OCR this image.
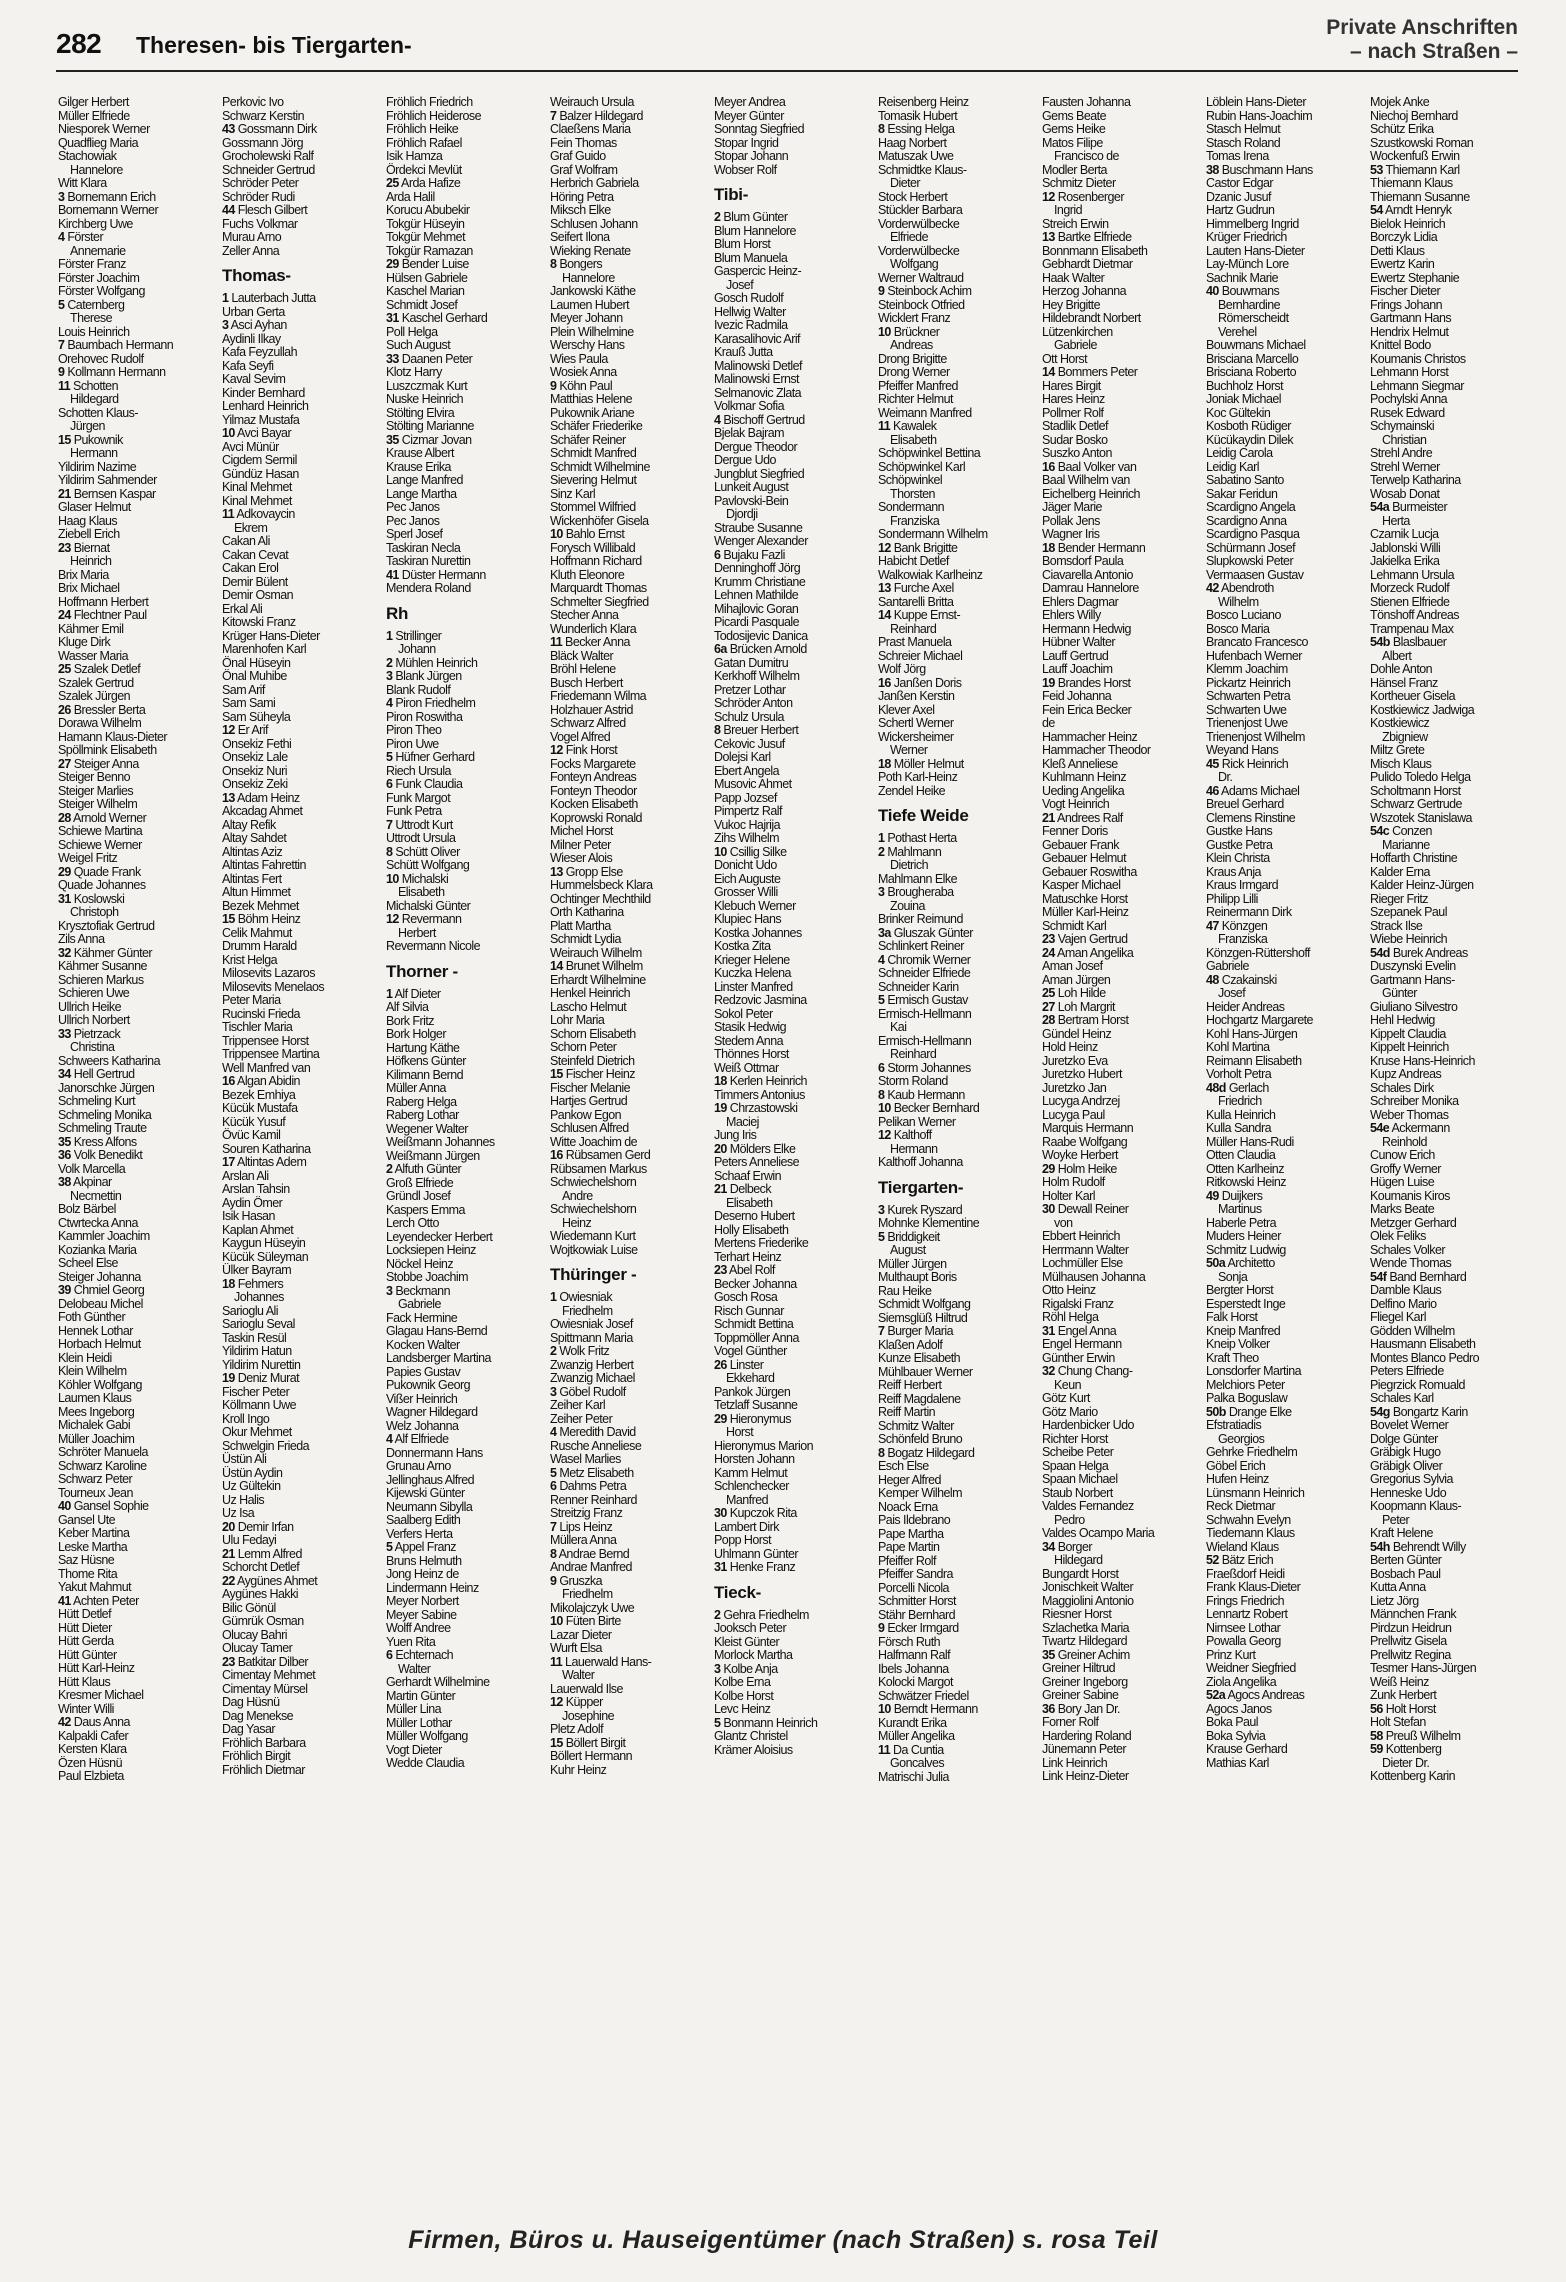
282 Theresen- bis Tiergarten-
Private Anschriften
– nach Straßen –
Gilger Herbert
Müller Elfriede
Niesporek Werner
Quadflieg Maria
Stachowiak
Hannelore
Witt Klara
3 Bornemann Erich
Bornemann Werner
Kirchberg Uwe
4 Förster
Annemarie
Förster Franz
Förster Joachim
Förster Wolfgang
5 Caternberg
Therese
Louis Heinrich
7 Baumbach Hermann
Orehovec Rudolf
9 Kollmann Hermann
11 Schotten
Hildegard
Schotten Klaus-
Jürgen
15 Pukownik
Hermann
Yildirim Nazime
Yildirim Sahmender
21 Bernsen Kaspar
Glaser Helmut
Haag Klaus
Ziebell Erich
23 Biernat
Heinrich
Brix Maria
Brix Michael
Hoffmann Herbert
24 Flechtner Paul
Kähmer Emil
Kluge Dirk
Wasser Maria
25 Szalek Detlef
Szalek Gertrud
Szalek Jürgen
26 Bressler Berta
Dorawa Wilhelm
Hamann Klaus-Dieter
Spöllmink Elisabeth
27 Steiger Anna
Steiger Benno
Steiger Marlies
Steiger Wilhelm
28 Arnold Werner
Schiewe Martina
Schiewe Werner
Weigel Fritz
29 Quade Frank
Quade Johannes
31 Koslowski
Christoph
Krysztofiak Gertrud
Zils Anna
32 Kähmer Günter
Kähmer Susanne
Schieren Markus
Schieren Uwe
Ullrich Heike
Ullrich Norbert
33 Pietrzack
Christina
Schweers Katharina
34 Hell Gertrud
Janorschke Jürgen
Schmeling Kurt
Schmeling Monika
Schmeling Traute
35 Kress Alfons
36 Volk Benedikt
Volk Marcella
38 Akpinar
Necmettin
Bolz Bärbel
Ctwrtecka Anna
Kammler Joachim
Kozianka Maria
Scheel Else
Steiger Johanna
39 Chmiel Georg
Delobeau Michel
Foth Günther
Hennek Lothar
Horbach Helmut
Klein Heidi
Klein Wilhelm
Köhler Wolfgang
Laumen Klaus
Mees Ingeborg
Michalek Gabi
Müller Joachim
Schröter Manuela
Schwarz Karoline
Schwarz Peter
Tourneux Jean
40 Gansel Sophie
Gansel Ute
Keber Martina
Leske Martha
Saz Hüsne
Thome Rita
Yakut Mahmut
41 Achten Peter
Hütt Detlef
Hütt Dieter
Hütt Gerda
Hütt Günter
Hütt Karl-Heinz
Hütt Klaus
Kresmer Michael
Winter Willi
42 Daus Anna
Kalpakli Cafer
Kersten Klara
Özen Hüsnü
Paul Elzbieta
Perkovic Ivo
Schwarz Kerstin
43 Gossmann Dirk
Gossmann Jörg
Grocholewski Ralf
Schneider Gertrud
Schröder Peter
Schröder Rudi
44 Flesch Gilbert
Fuchs Volkmar
Murau Arno
Zeller Anna
Thomas-
1 Lauterbach Jutta
Urban Gerta
3 Asci Ayhan
Aydinli Ilkay
Kafa Feyzullah
Kafa Seyfi
Kaval Sevim
Kinder Bernhard
Lenhard Heinrich
Yilmaz Mustafa
10 Avci Bayar
Avci Münür
Cigdem Sermil
Gündüz Hasan
Kinal Mehmet
Kinal Mehmet
11 Adkovaycin
Ekrem
Cakan Ali
Cakan Cevat
Cakan Erol
Demir Bülent
Demir Osman
Erkal Ali
Kitowski Franz
Krüger Hans-Dieter
Marenhofen Karl
Önal Hüseyin
Önal Muhibe
Sam Arif
Sam Sami
Sam Süheyla
12 Er Arif
Onsekiz Fethi
Onsekiz Lale
Onsekiz Nuri
Onsekiz Zeki
13 Adam Heinz
Akcadag Ahmet
Altay Refik
Altay Sahdet
Altintas Aziz
Altintas Fahrettin
Altintas Fert
Altun Himmet
Bezek Mehmet
15 Böhm Heinz
Celik Mahmut
Drumm Harald
Krist Helga
Milosevits Lazaros
Milosevits Menelaos
Peter Maria
Rucinski Frieda
Tischler Maria
Trippensee Horst
Trippensee Martina
Well Manfred van
16 Algan Abidin
Bezek Emhiya
Kücük Mustafa
Kücük Yusuf
Övüc Kamil
Souren Katharina
17 Altintas Adem
Arslan Ali
Arslan Tahsin
Aydin Ömer
Isik Hasan
Kaplan Ahmet
Kaygun Hüseyin
Kücük Süleyman
Ülker Bayram
18 Fehmers
Johannes
Sarioglu Ali
Sarioglu Seval
Taskin Resül
Yildirim Hatun
Yildirim Nurettin
19 Deniz Murat
Fischer Peter
Köllmann Uwe
Kroll Ingo
Okur Mehmet
Schwelgin Frieda
Üstün Ali
Üstün Aydin
Uz Gültekin
Uz Halis
Uz Isa
20 Demir Irfan
Ulu Fedayi
21 Lemm Alfred
Schorcht Detlef
22 Aygünes Ahmet
Aygünes Hakki
Bilic Gönül
Gümrük Osman
Olucay Bahri
Olucay Tamer
23 Batkitar Dilber
Cimentay Mehmet
Cimentay Mürsel
Dag Hüsnü
Dag Menekse
Dag Yasar
Fröhlich Barbara
Fröhlich Birgit
Fröhlich Dietmar
Fröhlich Friedrich
Fröhlich Heiderose
Fröhlich Heike
Fröhlich Rafael
Isik Hamza
Ördekci Mevlüt
25 Arda Hafize
Arda Halil
Korucu Abubekir
Tokgür Hüseyin
Tokgür Mehmet
Tokgür Ramazan
29 Bender Luise
Hülsen Gabriele
Kaschel Marian
Schmidt Josef
31 Kaschel Gerhard
Poll Helga
Such August
33 Daanen Peter
Klotz Harry
Luszczmak Kurt
Nuske Heinrich
Stölting Elvira
Stölting Marianne
35 Cizmar Jovan
Krause Albert
Krause Erika
Lange Manfred
Lange Martha
Pec Janos
Pec Janos
Sperl Josef
Taskiran Necla
Taskiran Nurettin
41 Düster Hermann
Mendera Roland
Rh
1 Strillinger
Johann
2 Mühlen Heinrich
3 Blank Jürgen
Blank Rudolf
4 Piron Friedhelm
Piron Roswitha
Piron Theo
Piron Uwe
5 Hüfner Gerhard
Riech Ursula
6 Funk Claudia
Funk Margot
Funk Petra
7 Uttrodt Kurt
Uttrodt Ursula
8 Schütt Oliver
Schütt Wolfgang
10 Michalski
Elisabeth
Michalski Günter
12 Revermann
Herbert
Revermann Nicole
Thorner -
1 Alf Dieter
Alf Silvia
Bork Fritz
Bork Holger
Hartung Käthe
Höfkens Günter
Kilimann Bernd
Müller Anna
Raberg Helga
Raberg Lothar
Wegener Walter
Weißmann Johannes
Weißmann Jürgen
2 Alfuth Günter
Groß Elfriede
Gründl Josef
Kaspers Emma
Lerch Otto
Leyendecker Herbert
Locksiepen Heinz
Nöckel Heinz
Stobbe Joachim
3 Beckmann
Gabriele
Fack Hermine
Glagau Hans-Bernd
Kocken Walter
Landsberger Martina
Papies Gustav
Pukownik Georg
Vißer Heinrich
Wagner Hildegard
Welz Johanna
4 Alf Elfriede
Donnermann Hans
Grunau Arno
Jellinghaus Alfred
Kijewski Günter
Neumann Sibylla
Saalberg Edith
Verfers Herta
5 Appel Franz
Bruns Helmuth
Jong Heinz de
Lindermann Heinz
Meyer Norbert
Meyer Sabine
Wolff Andree
Yuen Rita
6 Echternach
Walter
Gerhardt Wilhelmine
Martin Günter
Müller Lina
Müller Lothar
Müller Wolfgang
Vogt Dieter
Wedde Claudia
Weirauch Ursula
7 Balzer Hildegard
Claeßens Maria
Fein Thomas
Graf Guido
Graf Wolfram
Herbrich Gabriela
Höring Petra
Miksch Elke
Schlusen Johann
Seifert Ilona
Wieking Renate
8 Bongers
Hannelore
Jankowski Käthe
Laumen Hubert
Meyer Johann
Plein Wilhelmine
Werschy Hans
Wies Paula
Wosiek Anna
9 Köhn Paul
Matthias Helene
Pukownik Ariane
Schäfer Friederike
Schäfer Reiner
Schmidt Manfred
Schmidt Wilhelmine
Sievering Helmut
Sinz Karl
Stommel Wilfried
Wickenhöfer Gisela
10 Bahlo Ernst
Forysch Willibald
Hoffmann Richard
Kluth Eleonore
Marquardt Thomas
Schmelter Siegfried
Stecher Anna
Wunderlich Klara
11 Becker Anna
Bläck Walter
Bröhl Helene
Busch Herbert
Friedemann Wilma
Holzhauer Astrid
Schwarz Alfred
Vogel Alfred
12 Fink Horst
Focks Margarete
Fonteyn Andreas
Fonteyn Theodor
Kocken Elisabeth
Koprowski Ronald
Michel Horst
Milner Peter
Wieser Alois
13 Gropp Else
Hummelsbeck Klara
Ochtinger Mechthild
Orth Katharina
Platt Martha
Schmidt Lydia
Weirauch Wilhelm
14 Brunet Wilhelm
Erhardt Wilhelmine
Henkel Heinrich
Lascho Helmut
Lohr Maria
Schorn Elisabeth
Schorn Peter
Steinfeld Dietrich
15 Fischer Heinz
Fischer Melanie
Hartjes Gertrud
Pankow Egon
Schlusen Alfred
Witte Joachim de
16 Rübsamen Gerd
Rübsamen Markus
Schwiechelshorn
Andre
Schwiechelshorn
Heinz
Wiedemann Kurt
Wojtkowiak Luise
Thüringer -
1 Owiesniak
Friedhelm
Owiesniak Josef
Spittmann Maria
2 Wolk Fritz
Zwanzig Herbert
Zwanzig Michael
3 Göbel Rudolf
Zeiher Karl
Zeiher Peter
4 Meredith David
Rusche Anneliese
Wasel Marlies
5 Metz Elisabeth
6 Dahms Petra
Renner Reinhard
Streitzig Franz
7 Lips Heinz
Müllera Anna
8 Andrae Bernd
Andrae Manfred
9 Gruszka
Friedhelm
Mikolajczyk Uwe
10 Füten Birte
Lazar Dieter
Wurft Elsa
11 Lauerwald Hans-
Walter
Lauerwald Ilse
12 Küpper
Josephine
Pletz Adolf
15 Böllert Birgit
Böllert Hermann
Kuhr Heinz
Meyer Andrea
Meyer Günter
Sonntag Siegfried
Stopar Ingrid
Stopar Johann
Wobser Rolf
Tibi-
2 Blum Günter
Blum Hannelore
Blum Horst
Blum Manuela
Gaspercic Heinz-
Josef
Gosch Rudolf
Hellwig Walter
Ivezic Radmila
Karasalihovic Arif
Krauß Jutta
Malinowski Detlef
Malinowski Ernst
Selmanovic Zlata
Volkmar Sofia
4 Bischoff Gertrud
Bjelak Bajram
Dergue Theodor
Dergue Udo
Jungblut Siegfried
Lunkeit August
Pavlovski-Bein
Djordji
Straube Susanne
Wenger Alexander
6 Bujaku Fazli
Denninghoff Jörg
Krumm Christiane
Lehnen Mathilde
Mihajlovic Goran
Picardi Pasquale
Todosijevic Danica
6a Brücken Arnold
Gatan Dumitru
Kerkhoff Wilhelm
Pretzer Lothar
Schröder Anton
Schulz Ursula
8 Breuer Herbert
Cekovic Jusuf
Dolejsi Karl
Ebert Angela
Musovic Ahmet
Papp Jozsef
Pimpertz Ralf
Vukoc Hajrija
Zihs Wilhelm
10 Csillig Silke
Donicht Udo
Eich Auguste
Grosser Willi
Klebuch Werner
Klupiec Hans
Kostka Johannes
Kostka Zita
Krieger Helene
Kuczka Helena
Linster Manfred
Redzovic Jasmina
Sokol Peter
Stasik Hedwig
Stedem Anna
Thönnes Horst
Weiß Ottmar
18 Kerlen Heinrich
Timmers Antonius
19 Chrzastowski
Maciej
Jung Iris
20 Mölders Elke
Peters Anneliese
Schaaf Erwin
21 Delbeck
Elisabeth
Deserno Hubert
Holly Elisabeth
Mertens Friederike
Terhart Heinz
23 Abel Rolf
Becker Johanna
Gosch Rosa
Risch Gunnar
Schmidt Bettina
Toppmöller Anna
Vogel Günther
26 Linster
Ekkehard
Pankok Jürgen
Tetzlaff Susanne
29 Hieronymus
Horst
Hieronymus Marion
Horsten Johann
Kamm Helmut
Schlenchecker
Manfred
30 Kupczok Rita
Lambert Dirk
Popp Horst
Uhlmann Günter
31 Henke Franz
Tieck-
2 Gehra Friedhelm
Jooksch Peter
Kleist Günter
Morlock Martha
3 Kolbe Anja
Kolbe Erna
Kolbe Horst
Levc Heinz
5 Bonmann Heinrich
Glantz Christel
Krämer Aloisius
Reisenberg Heinz
Tomasik Hubert
8 Essing Helga
Haag Norbert
Matuszak Uwe
Schmidtke Klaus-
Dieter
Stock Herbert
Stückler Barbara
Vorderwülbecke
Elfriede
Vorderwülbecke
Wolfgang
Werner Waltraud
9 Steinbock Achim
Steinbock Otfried
Wicklert Franz
10 Brückner
Andreas
Drong Brigitte
Drong Werner
Pfeiffer Manfred
Richter Helmut
Weimann Manfred
11 Kawalek
Elisabeth
Schöpwinkel Bettina
Schöpwinkel Karl
Schöpwinkel
Thorsten
Sondermann
Franziska
Sondermann Wilhelm
12 Bank Brigitte
Habicht Detlef
Walkowiak Karlheinz
13 Furche Axel
Santarelli Britta
14 Kuppe Ernst-
Reinhard
Prast Manuela
Schreier Michael
Wolf Jörg
16 Janßen Doris
Janßen Kerstin
Klever Axel
Schertl Werner
Wickersheimer
Werner
18 Möller Helmut
Poth Karl-Heinz
Zendel Heike
Tiefe Weide
1 Pothast Herta
2 Mahlmann
Dietrich
Mahlmann Elke
3 Brougheraba
Zouina
Brinker Reimund
3a Gluszak Günter
Schlinkert Reiner
4 Chromik Werner
Schneider Elfriede
Schneider Karin
5 Ermisch Gustav
Ermisch-Hellmann
Kai
Ermisch-Hellmann
Reinhard
6 Storm Johannes
Storm Roland
8 Kaub Hermann
10 Becker Bernhard
Pelikan Werner
12 Kalthoff
Hermann
Kalthoff Johanna
Tiergarten-
3 Kurek Ryszard
Mohnke Klementine
5 Briddigkeit
August
Müller Jürgen
Multhaupt Boris
Rau Heike
Schmidt Wolfgang
Siemsglüß Hiltrud
7 Burger Maria
Klaßen Adolf
Kunze Elisabeth
Mühlbauer Werner
Reiff Herbert
Reiff Magdalene
Reiff Martin
Schmitz Walter
Schönfeld Bruno
8 Bogatz Hildegard
Esch Else
Heger Alfred
Kemper Wilhelm
Noack Erna
Pais Ildebrano
Pape Martha
Pape Martin
Pfeiffer Rolf
Pfeiffer Sandra
Porcelli Nicola
Schmitter Horst
Stähr Bernhard
9 Ecker Irmgard
Försch Ruth
Halfmann Ralf
Ibels Johanna
Kolocki Margot
Schwätzer Friedel
10 Berndt Hermann
Kurandt Erika
Müller Angelika
11 Da Cuntia
Goncalves
Matrischi Julia
Fausten Johanna
Gems Beate
Gems Heike
Matos Filipe
Francisco de
Modler Berta
Schmitz Dieter
12 Rosenberger
Ingrid
Streich Erwin
13 Bartke Elfriede
Bonnmann Elisabeth
Gebhardt Dietmar
Haak Walter
Herzog Johanna
Hey Brigitte
Hildebrandt Norbert
Lützenkirchen
Gabriele
Ott Horst
14 Bommers Peter
Hares Birgit
Hares Heinz
Pollmer Rolf
Stadlik Detlef
Sudar Bosko
Suszko Anton
16 Baal Volker van
Baal Wilhelm van
Eichelberg Heinrich
Jäger Marie
Pollak Jens
Wagner Iris
18 Bender Hermann
Bomsdorf Paula
Ciavarella Antonio
Damrau Hannelore
Ehlers Dagmar
Ehlers Willy
Hermann Hedwig
Hübner Walter
Lauff Gertrud
Lauff Joachim
19 Brandes Horst
Feid Johanna
Fein Erica Becker
de
Hammacher Heinz
Hammacher Theodor
Kleß Anneliese
Kuhlmann Heinz
Ueding Angelika
Vogt Heinrich
21 Andrees Ralf
Fenner Doris
Gebauer Frank
Gebauer Helmut
Gebauer Roswitha
Kasper Michael
Matuschke Horst
Müller Karl-Heinz
Schmidt Karl
23 Vajen Gertrud
24 Aman Angelika
Aman Josef
Aman Jürgen
25 Loh Hilde
27 Loh Margrit
28 Bertram Horst
Gündel Heinz
Hold Heinz
Juretzko Eva
Juretzko Hubert
Juretzko Jan
Lucyga Andrzej
Lucyga Paul
Marquis Hermann
Raabe Wolfgang
Woyke Herbert
29 Holm Heike
Holm Rudolf
Holter Karl
30 Dewall Reiner
von
Ebbert Heinrich
Herrmann Walter
Lochmüller Else
Mülhausen Johanna
Otto Heinz
Rigalski Franz
Röhl Helga
31 Engel Anna
Engel Hermann
Günther Erwin
32 Chung Chang-
Keun
Götz Kurt
Götz Mario
Hardenbicker Udo
Richter Horst
Scheibe Peter
Spaan Helga
Spaan Michael
Staub Norbert
Valdes Fernandez
Pedro
Valdes Ocampo Maria
34 Borger
Hildegard
Bungardt Horst
Jonischkeit Walter
Maggiolini Antonio
Riesner Horst
Szlachetka Maria
Twartz Hildegard
35 Greiner Achim
Greiner Hiltrud
Greiner Ingeborg
Greiner Sabine
36 Bory Jan Dr.
Forner Rolf
Hardering Roland
Jünemann Peter
Link Heinrich
Link Heinz-Dieter
Löblein Hans-Dieter
Rubin Hans-Joachim
Stasch Helmut
Stasch Roland
Tomas Irena
38 Buschmann Hans
Castor Edgar
Dzanic Jusuf
Hartz Gudrun
Himmelberg Ingrid
Krüger Friedrich
Lauten Hans-Dieter
Lay-Münch Lore
Sachnik Marie
40 Bouwmans
Bernhardine
Römerscheidt
Verehel
Bouwmans Michael
Brisciana Marcello
Brisciana Roberto
Buchholz Horst
Joniak Michael
Koc Gültekin
Kosboth Rüdiger
Kücükaydin Dilek
Leidig Carola
Leidig Karl
Sabatino Santo
Sakar Feridun
Scardigno Angela
Scardigno Anna
Scardigno Pasqua
Schürmann Josef
Slupkowski Peter
Vermaasen Gustav
42 Abendroth
Wilhelm
Bosco Luciano
Bosco Maria
Brancato Francesco
Hufenbach Werner
Klemm Joachim
Pickartz Heinrich
Schwarten Petra
Schwarten Uwe
Trienenjost Uwe
Trienenjost Wilhelm
Weyand Hans
45 Rick Heinrich
Dr.
46 Adams Michael
Breuel Gerhard
Clemens Rinstine
Gustke Hans
Gustke Petra
Klein Christa
Kraus Anja
Kraus Irmgard
Philipp Lilli
Reinermann Dirk
47 Könzgen
Franziska
Könzgen-Rüttershoff
Gabriele
48 Czakainski
Josef
Heider Andreas
Hochgartz Margarete
Kohl Hans-Jürgen
Kohl Martina
Reimann Elisabeth
Vorholt Petra
48d Gerlach
Friedrich
Kulla Heinrich
Kulla Sandra
Müller Hans-Rudi
Otten Claudia
Otten Karlheinz
Ritkowski Heinz
49 Duijkers
Martinus
Haberle Petra
Muders Heiner
Schmitz Ludwig
50a Architetto
Sonja
Bergter Horst
Esperstedt Inge
Falk Horst
Kneip Manfred
Kneip Volker
Kraft Theo
Lonsdorfer Martina
Melchiors Peter
Palka Boguslaw
50b Drange Elke
Efstratiadis
Georgios
Gehrke Friedhelm
Göbel Erich
Hufen Heinz
Lünsmann Heinrich
Reck Dietmar
Schwahn Evelyn
Tiedemann Klaus
Wieland Klaus
52 Bätz Erich
Fraeßdorf Heidi
Frank Klaus-Dieter
Frings Friedrich
Lennartz Robert
Nirnsee Lothar
Powalla Georg
Prinz Kurt
Weidner Siegfried
Ziola Angelika
52a Agocs Andreas
Agocs Janos
Boka Paul
Boka Sylvia
Krause Gerhard
Mathias Karl
Mojek Anke
Niechoj Bernhard
Schütz Erika
Szustkowski Roman
Wockenfuß Erwin
53 Thiemann Karl
Thiemann Klaus
Thiemann Susanne
54 Arndt Henryk
Bielok Heinrich
Borczyk Lidia
Detti Klaus
Ewertz Karin
Ewertz Stephanie
Fischer Dieter
Frings Johann
Gartmann Hans
Hendrix Helmut
Knittel Bodo
Koumanis Christos
Lehmann Horst
Lehmann Siegmar
Pochylski Anna
Rusek Edward
Schymainski
Christian
Strehl Andre
Strehl Werner
Terwelp Katharina
Wosab Donat
54a Burmeister
Herta
Czarnik Lucja
Jablonski Willi
Jakielka Erika
Lehmann Ursula
Morzeck Rudolf
Stienen Elfriede
Tönshoff Andreas
Trampenau Max
54b Blaslbauer
Albert
Dohle Anton
Hänsel Franz
Kortheuer Gisela
Kostkiewicz Jadwiga
Kostkiewicz
Zbigniew
Miltz Grete
Misch Klaus
Pulido Toledo Helga
Scholtmann Horst
Schwarz Gertrude
Wszotek Stanislawa
54c Conzen
Marianne
Hoffarth Christine
Kalder Erna
Kalder Heinz-Jürgen
Rieger Fritz
Szepanek Paul
Strack Ilse
Wiebe Heinrich
54d Burek Andreas
Duszynski Evelin
Gartmann Hans-
Günter
Giuliano Silvestro
Hehl Hedwig
Kippelt Claudia
Kippelt Heinrich
Kruse Hans-Heinrich
Kupz Andreas
Schales Dirk
Schreiber Monika
Weber Thomas
54e Ackermann
Reinhold
Cunow Erich
Groffy Werner
Hügen Luise
Koumanis Kiros
Marks Beate
Metzger Gerhard
Olek Feliks
Schales Volker
Wende Thomas
54f Band Bernhard
Damble Klaus
Delfino Mario
Fliegel Karl
Gödden Wilhelm
Hausmann Elisabeth
Montes Blanco Pedro
Peters Elfriede
Piegrzick Romuald
Schales Karl
54g Bongartz Karin
Bovelet Werner
Dolge Günter
Gräbigk Hugo
Gräbigk Oliver
Gregorius Sylvia
Henneske Udo
Koopmann Klaus-
Peter
Kraft Helene
54h Behrendt Willy
Berten Günter
Bosbach Paul
Kutta Anna
Lietz Jörg
Männchen Frank
Pirdzun Heidrun
Prellwitz Gisela
Prellwitz Regina
Tesmer Hans-Jürgen
Weiß Heinz
Zunk Herbert
56 Holt Horst
Holt Stefan
58 Preuß Wilhelm
59 Kottenberg
Dieter Dr.
Kottenberg Karin
Firmen, Büros u. Hauseigentümer (nach Straßen) s. rosa Teil
